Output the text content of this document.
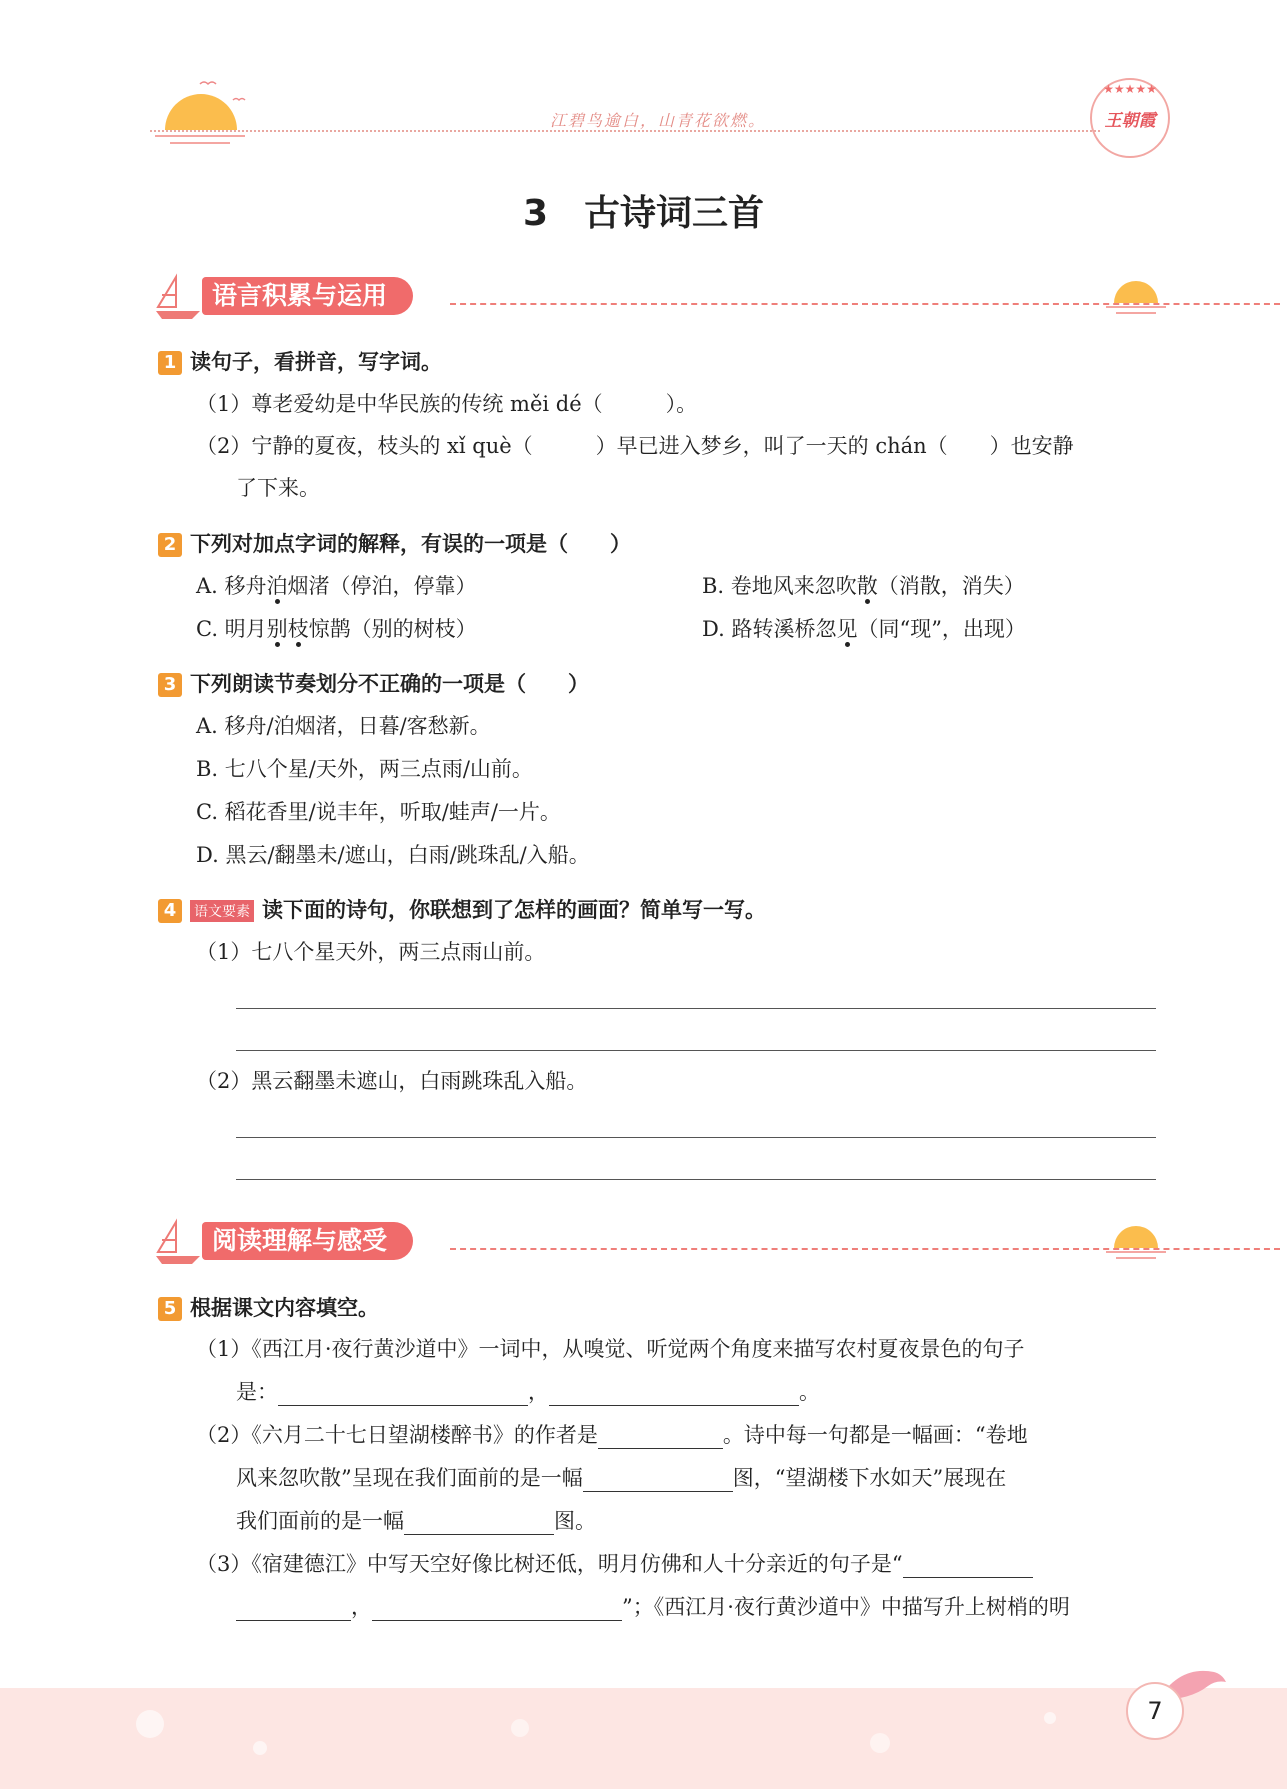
江碧鸟逾白，山青花欲燃。
★★★★★
王朝霞
3　古诗词三首
语言积累与运用
1 读句子，看拼音，写字词。
（1）尊老爱幼是中华民族的传统 měi dé（　　　）。
（2）宁静的夏夜，枝头的 xǐ què（　　　）早已进入梦乡，叫了一天的 chán（　　）也安静
了下来。
2 下列对加点字词的解释，有误的一项是（　　）
A. 移舟泊烟渚（停泊，停靠）	B. 卷地风来忽吹散（消散，消失）
C. 明月别枝惊鹊（别的树枝）	D. 路转溪桥忽见（同“现”，出现）
3 下列朗读节奏划分不正确的一项是（　　）
A. 移舟/泊烟渚，日暮/客愁新。
B. 七八个星/天外，两三点雨/山前。
C. 稻花香里/说丰年，听取/蛙声/一片。
D. 黑云/翻墨未/遮山，白雨/跳珠乱/入船。
4 语文要素 读下面的诗句，你联想到了怎样的画面？简单写一写。
（1）七八个星天外，两三点雨山前。
（2）黑云翻墨未遮山，白雨跳珠乱入船。
阅读理解与感受
5 根据课文内容填空。
（1）《西江月·夜行黄沙道中》一词中，从嗅觉、听觉两个角度来描写农村夏夜景色的句子
是：	，	。
（2）《六月二十七日望湖楼醉书》的作者是	。诗中每一句都是一幅画：“卷地
风来忽吹散”呈现在我们面前的是一幅	图，“望湖楼下水如天”展现在
我们面前的是一幅	图。
（3）《宿建德江》中写天空好像比树还低，明月仿佛和人十分亲近的句子是“
，	”；《西江月·夜行黄沙道中》中描写升上树梢的明
7
